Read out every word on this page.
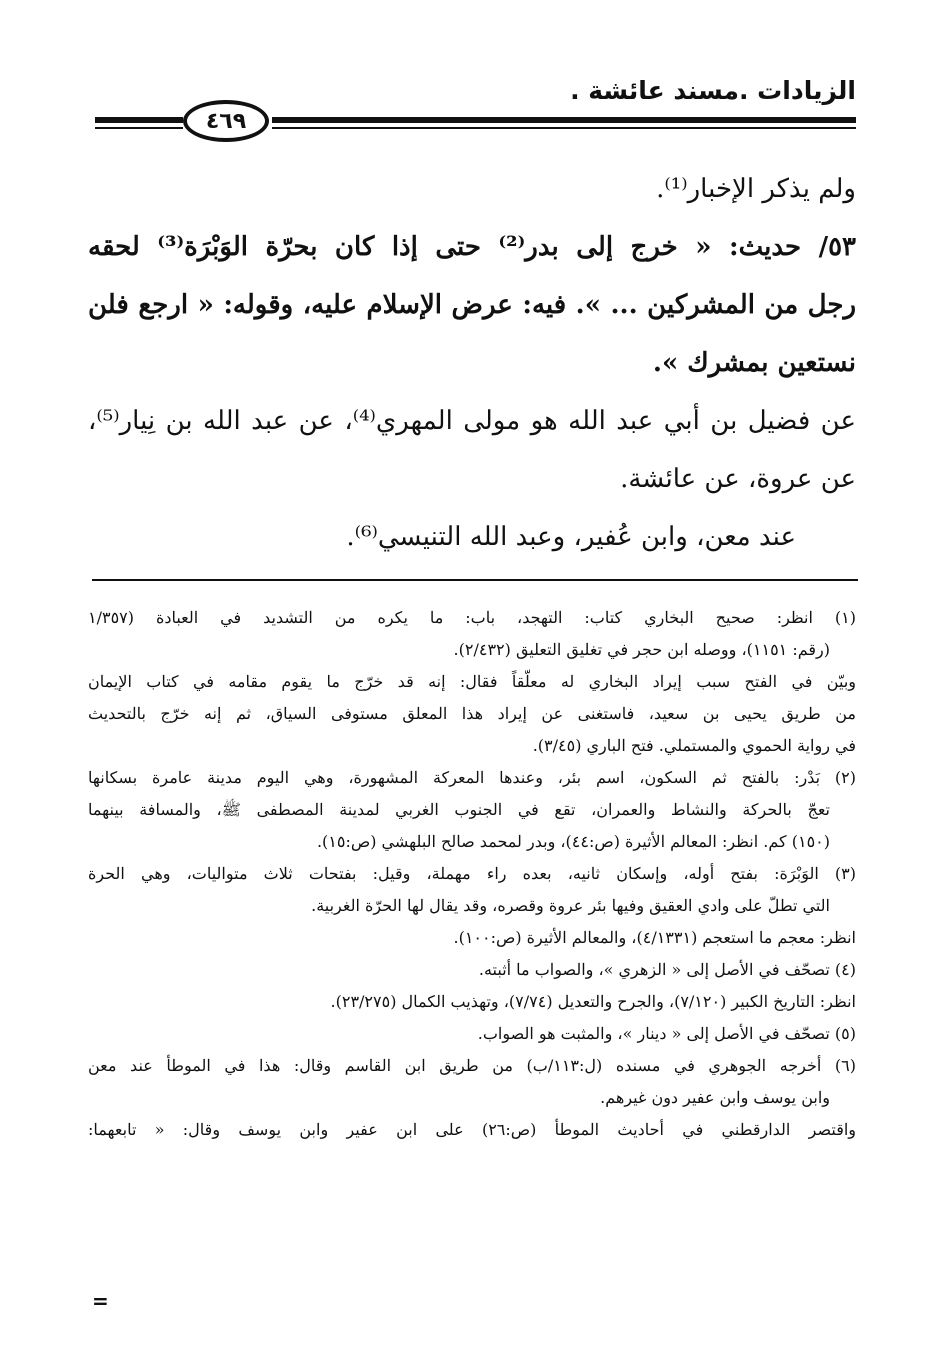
الزيادات .مسند عائشة .
٤٦٩
ولم يذكر الإخبار⁽¹⁾.
٥٣/ حديث: « خرج إلى بدر⁽²⁾ حتى إذا كان بحرّة الوَبْرَة⁽³⁾ لحقه
رجل من المشركين ... ». فيه: عرض الإسلام عليه، وقوله: « ارجع فلن
نستعين بمشرك ».
عن فضيل بن أبي عبد الله هو مولى المهري⁽⁴⁾، عن عبد الله بن نِيار⁽⁵⁾،
عن عروة، عن عائشة.
عند معن، وابن عُفير، وعبد الله التنيسي⁽⁶⁾.
(١) انظر: صحيح البخاري كتاب: التهجد، باب: ما يكره من التشديد في العبادة (١/٣٥٧
(رقم: ١١٥١)، ووصله ابن حجر في تغليق التعليق (٢/٤٣٢).
وبيّن في الفتح سبب إيراد البخاري له معلّقاً فقال: إنه قد خرّج ما يقوم مقامه في كتاب الإيمان
من طريق يحيى بن سعيد، فاستغنى عن إيراد هذا المعلق مستوفى السياق، ثم إنه خرّج بالتحديث
في رواية الحموي والمستملي. فتح الباري (٣/٤٥).
(٢) بَدْر: بالفتح ثم السكون، اسم بئر، وعندها المعركة المشهورة، وهي اليوم مدينة عامرة بسكانها
تعجّ بالحركة والنشاط والعمران، تقع في الجنوب الغربي لمدينة المصطفى ﷺ، والمسافة بينهما
(١٥٠) كم. انظر: المعالم الأثيرة (ص:٤٤)، وبدر لمحمد صالح البلهشي (ص:١٥).
(٣) الوَبْرَة: بفتح أوله، وإسكان ثانيه، بعده راء مهملة، وقيل: بفتحات ثلاث متواليات، وهي الحرة
التي تطلّ على وادي العقيق وفيها بئر عروة وقصره، وقد يقال لها الحرّة الغربية.
انظر: معجم ما استعجم (٤/١٣٣١)، والمعالم الأثيرة (ص:١٠٠).
(٤) تصحّف في الأصل إلى « الزهري »، والصواب ما أثبته.
انظر: التاريخ الكبير (٧/١٢٠)، والجرح والتعديل (٧/٧٤)، وتهذيب الكمال (٢٣/٢٧٥).
(٥) تصحّف في الأصل إلى « دينار »، والمثبت هو الصواب.
(٦) أخرجه الجوهري في مسنده (ل:١١٣/ب) من طريق ابن القاسم وقال: هذا في الموطأ عند معن
وابن يوسف وابن عفير دون غيرهم.
واقتصر الدارقطني في أحاديث الموطأ (ص:٢٦) على ابن عفير وابن يوسف وقال: « تابعهما:
=
